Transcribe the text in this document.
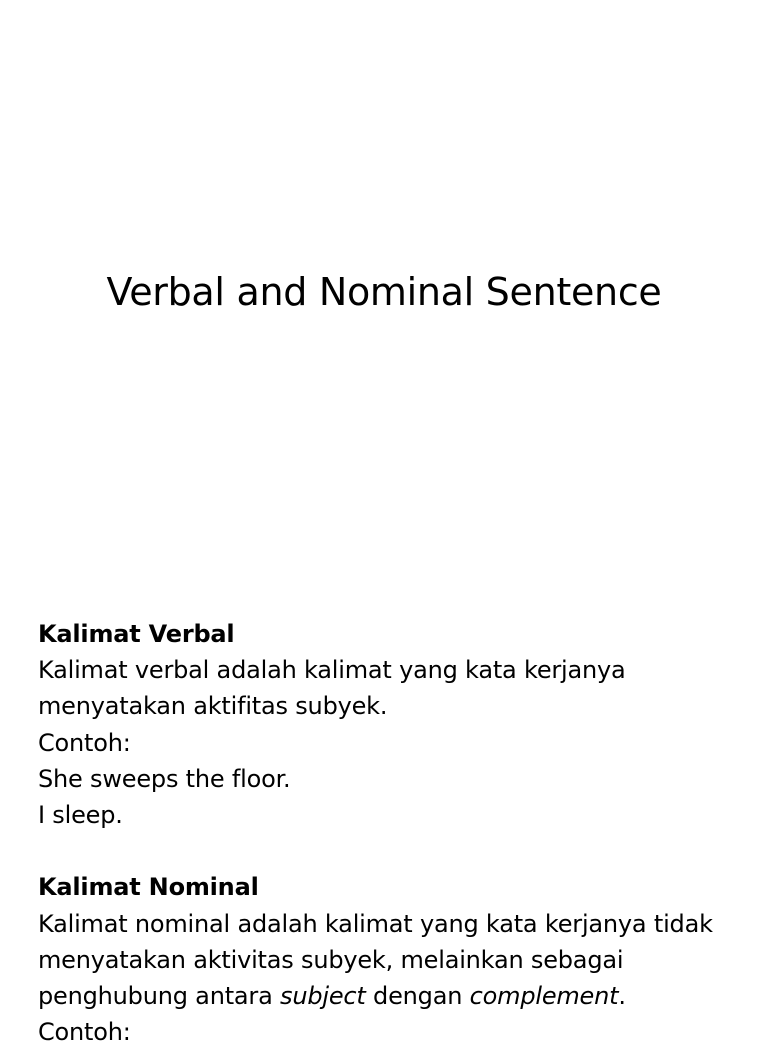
Verbal and Nominal Sentence
Kalimat Verbal
Kalimat verbal adalah kalimat yang kata kerjanya
menyatakan aktifitas subyek.
Contoh:
She sweeps the floor.
I sleep.
Kalimat Nominal
Kalimat nominal adalah kalimat yang kata kerjanya tidak
menyatakan aktivitas subyek, melainkan sebagai
penghubung antara subject dengan complement.
Contoh:
